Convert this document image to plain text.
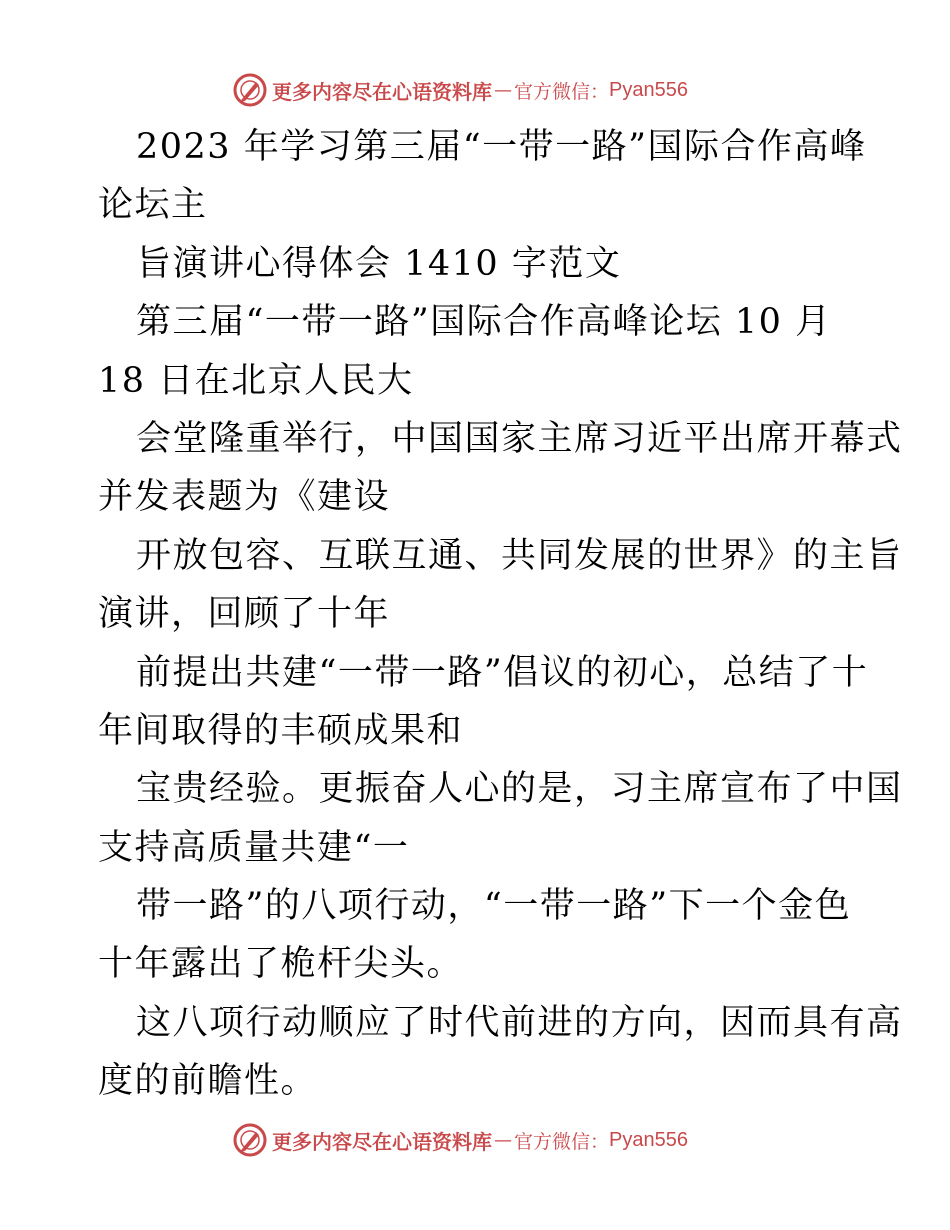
更多内容尽在心语资料库 — 官方微信： Pyan556
2023 年学习第三届“一带一路”国际合作高峰
论坛主
旨演讲心得体会 1410 字范文
第三届“一带一路”国际合作高峰论坛 10 月
18 日在北京人民大
会堂隆重举行，中国国家主席习近平出席开幕式
并发表题为《建设
开放包容、互联互通、共同发展的世界》的主旨
演讲，回顾了十年
前提出共建“一带一路”倡议的初心，总结了十
年间取得的丰硕成果和
宝贵经验。更振奋人心的是，习主席宣布了中国
支持高质量共建“一
带一路”的八项行动，“一带一路”下一个金色
十年露出了桅杆尖头。
这八项行动顺应了时代前进的方向，因而具有高
度的前瞻性。
更多内容尽在心语资料库 — 官方微信： Pyan556
